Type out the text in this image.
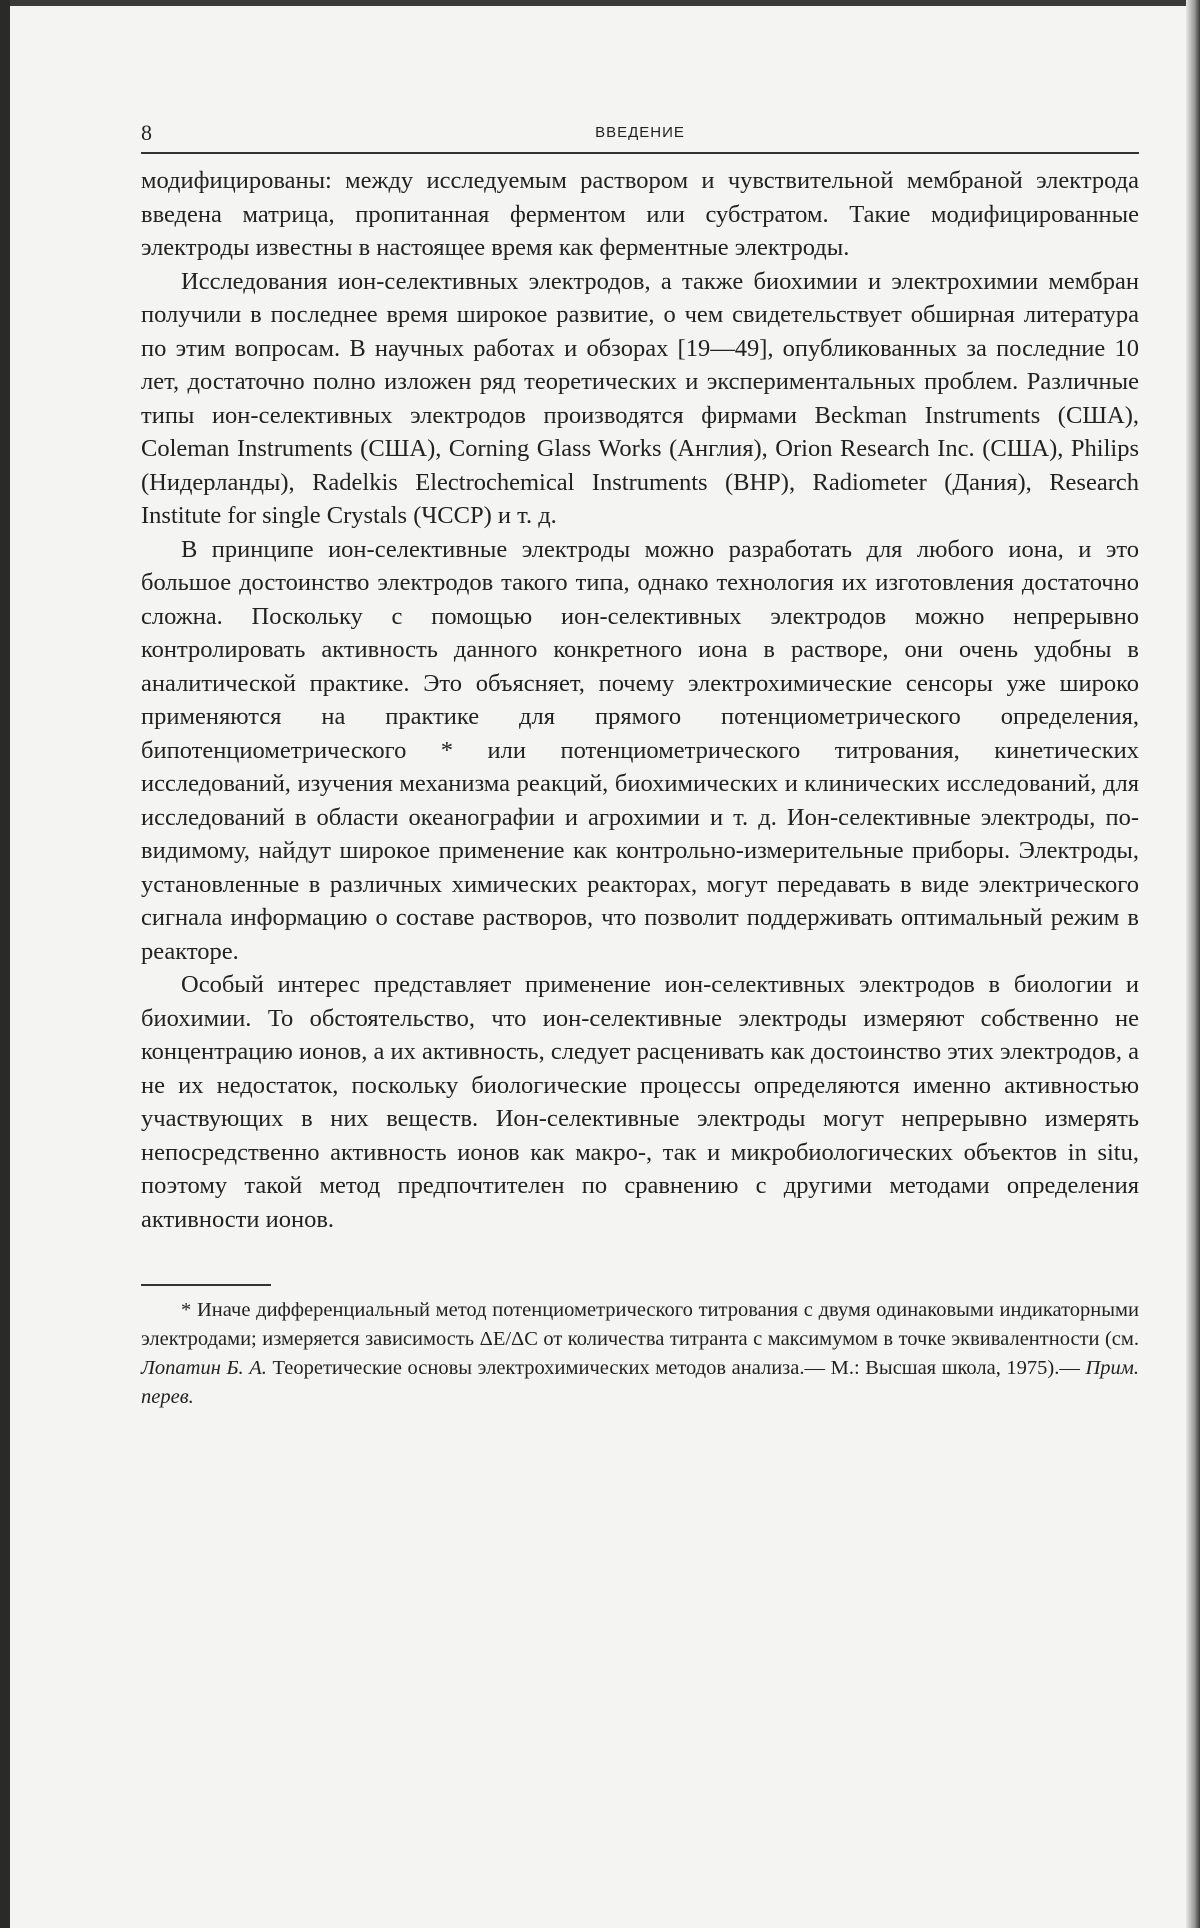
8	ВВЕДЕНИЕ

модифицированы: между исследуемым раствором и чувствительной мембраной электрода введена матрица, пропитанная ферментом или субстратом. Такие модифицированные электроды известны в настоящее время как ферментные электроды.

Исследования ион-селективных электродов, а также биохимии и электрохимии мембран получили в последнее время широкое развитие, о чем свидетельствует обширная литература по этим вопросам. В научных работах и обзорах [19—49], опубликованных за последние 10 лет, достаточно полно изложен ряд теоретических и экспериментальных проблем. Различные типы ион-селективных электродов производятся фирмами Beckman Instruments (США), Coleman Instruments (США), Corning Glass Works (Англия), Orion Research Inc. (США), Philips (Нидерланды), Radelkis Electrochemical Instruments (ВНР), Radiometer (Дания), Research Institute for single Crystals (ЧССР) и т. д.

В принципе ион-селективные электроды можно разработать для любого иона, и это большое достоинство электродов такого типа, однако технология их изготовления достаточно сложна. Поскольку с помощью ион-селективных электродов можно непрерывно контролировать активность данного конкретного иона в растворе, они очень удобны в аналитической практике. Это объясняет, почему электрохимические сенсоры уже широко применяются на практике для прямого потенциометрического определения, бипотенциометрического * или потенциометрического титрования, кинетических исследований, изучения механизма реакций, биохимических и клинических исследований, для исследований в области океанографии и агрохимии и т. д. Ион-селективные электроды, по-видимому, найдут широкое применение как контрольно-измерительные приборы. Электроды, установленные в различных химических реакторах, могут передавать в виде электрического сигнала информацию о составе растворов, что позволит поддерживать оптимальный режим в реакторе.

Особый интерес представляет применение ион-селективных электродов в биологии и биохимии. То обстоятельство, что ион-селективные электроды измеряют собственно не концентрацию ионов, а их активность, следует расценивать как достоинство этих электродов, а не их недостаток, поскольку биологические процессы определяются именно активностью участвующих в них веществ. Ион-селективные электроды могут непрерывно измерять непосредственно активность ионов как макро-, так и микробиологических объектов in situ, поэтому такой метод предпочтителен по сравнению с другими методами определения активности ионов.

* Иначе дифференциальный метод потенциометрического титрования с двумя одинаковыми индикаторными электродами; измеряется зависимость ΔE/ΔC от количества титранта с максимумом в точке эквивалентности (см. Лопатин Б. А. Теоретические основы электрохимических методов анализа.— М.: Высшая школа, 1975).— Прим. перев.
